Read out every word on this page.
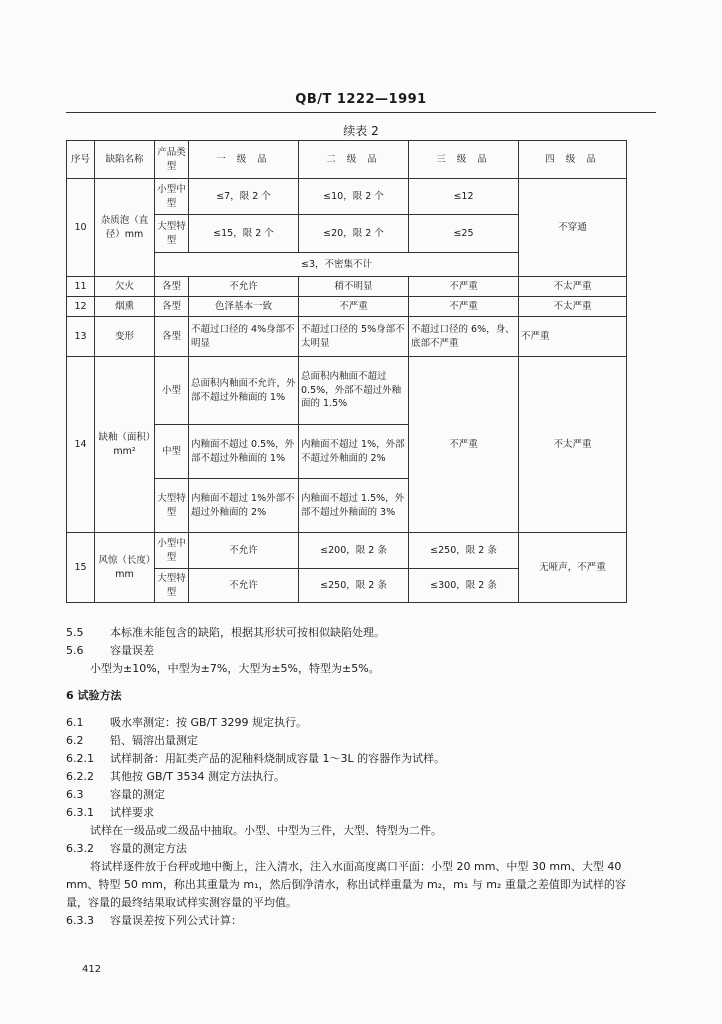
QB/T 1222—1991
续表 2
序号	缺陷名称	产品类型	一 级 品	二 级 品	三 级 品	四 级 品
10	杂质泡（直径）mm	小型中型	≤7，限 2 个	≤10，限 2 个	≤12	不穿通
		大型特型	≤15，限 2 个	≤20，限 2 个	≤25	
		≤3，不密集不计				
11	欠火	各型	不允许	稍不明显	不严重	不太严重
12	烟熏	各型	色泽基本一致	不严重	不严重	不太严重
13	变形	各型	不超过口径的 4%身部不明显	不超过口径的 5%身部不太明显	不超过口径的 6%，身、底部不严重	不严重
14	缺釉（面积）mm²	小型	总面积内釉面不允许，外部不超过外釉面的 1%	总面积内釉面不超过 0.5%，外部不超过外釉面的 1.5%	不严重	不太严重
		中型	内釉面不超过 0.5%，外部不超过外釉面的 1%	内釉面不超过 1%，外部不超过外釉面的 2%		
		大型特型	内釉面不超过 1%外部不超过外釉面的 2%	内釉面不超过 1.5%，外部不超过外釉面的 3%		
15	风惊（长度）mm	小型中型	不允许	≤200，限 2 条	≤250，限 2 条	无哑声，不严重
		大型特型	不允许	≤250，限 2 条	≤300，限 2 条	

5.5 本标准未能包含的缺陷，根据其形状可按相似缺陷处理。

5.6 容量误差

小型为±10%，中型为±7%，大型为±5%，特型为±5%。

6 试验方法

6.1 吸水率测定：按 GB/T 3299 规定执行。

6.2 铅、镉溶出量测定

6.2.1 试样制备：用缸类产品的泥釉料烧制成容量 1～3L 的容器作为试样。

6.2.2 其他按 GB/T 3534 测定方法执行。

6.3 容量的测定

6.3.1 试样要求

试样在一级品或二级品中抽取。小型、中型为三件，大型、特型为二件。

6.3.2 容量的测定方法

将试样逐件放于台秤或地中衡上，注入清水，注入水面高度离口平面：小型 20 mm、中型 30 mm、大型 40 mm、特型 50 mm，称出其重量为 m₁，然后倒净清水，称出试样重量为 m₂，m₁ 与 m₂ 重量之差值即为试样的容量，容量的最终结果取试样实测容量的平均值。

6.3.3 容量误差按下列公式计算：

412
